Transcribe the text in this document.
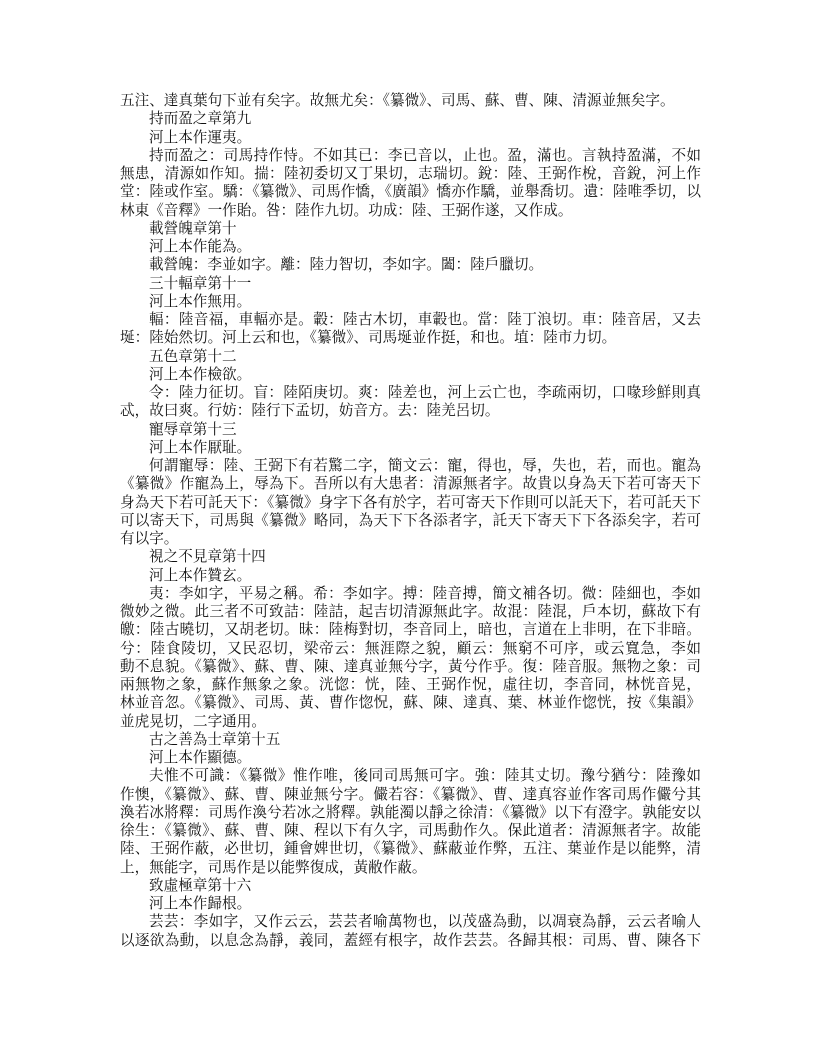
五注、達真葉句下並有矣字。故無尤矣：《纂微》、司馬、蘇、曹、陳、清源並無矣字。
持而盈之章第九
河上本作運夷。
持而盈之：司馬持作恃。不如其已：李已音以，止也。盈，滿也。言執持盈滿，不如
無患，清源如作知。揣：陸初委切又丁果切，志瑞切。銳：陸、王弼作梲，音銳，河上作
堂：陸或作室。驕：《纂微》、司馬作憍，《廣韻》憍亦作驕，並舉喬切。遺：陸唯季切，以
林東《音釋》一作貽。咎：陸作九切。功成：陸、王弼作遂，又作成。
載營魄章第十
河上本作能為。
載營魄：李並如字。離：陸力智切，李如字。闔：陸戶臘切。
三十輻章第十一
河上本作無用。
輻：陸音福，車輻亦是。轂：陸古木切，車轂也。當：陸丁浪切。車：陸音居，又去
埏：陸始然切。河上云和也，《纂微》、司馬埏並作挺，和也。埴：陸市力切。
五色章第十二
河上本作檢欲。
令：陸力征切。盲：陸陌庚切。爽：陸差也，河上云亡也，李疏兩切，口喙珍鮮則真
忒，故曰爽。行妨：陸行下孟切，妨音方。去：陸羌呂切。
寵辱章第十三
河上本作厭耻。
何謂寵辱：陸、王弼下有若驚二字，簡文云：寵，得也，辱，失也，若，而也。寵為
《纂微》作寵為上，辱為下。吾所以有大患者：清源無者字。故貴以身為天下若可寄天下
身為天下若可託天下：《纂微》身字下各有於字，若可寄天下作則可以託天下，若可託天下
可以寄天下，司馬與《纂微》略同，為天下下各添者字，託天下寄天下下各添矣字，若可
有以字。
視之不見章第十四
河上本作贊玄。
夷：李如字，平易之稱。希：李如字。搏：陸音搏，簡文補各切。微：陸細也，李如
微妙之微。此三者不可致詰：陸詰，起吉切清源無此字。故混：陸混，戶本切，蘇故下有
皦：陸古曉切，又胡老切。昧：陸梅對切，李音同上，暗也，言道在上非明，在下非暗。
兮：陸食陵切，又民忍切，梁帝云：無涯際之貌，顧云：無窮不可序，或云寬急，李如
動不息貌。《纂微》、蘇、曹、陳、達真並無兮字，黃兮作乎。復：陸音服。無物之象：司
兩無物之象，蘇作無象之象。洸惚：恍，陸、王弼作怳，虛往切，李音同，林恍音晃，
林並音忽。《纂微》、司馬、黃、曹作惚怳，蘇、陳、達真、葉、林並作惚恍，按《集韻》
並虎晃切，二字通用。
古之善為士章第十五
河上本作顯德。
夫惟不可識：《纂微》惟作唯，後同司馬無可字。強：陸其丈切。豫兮猶兮：陸豫如
作懊，《纂微》、蘇、曹、陳並無兮字。儼若容：《纂微》、曹、達真容並作客司馬作儼兮其
渙若冰將釋：司馬作渙兮若冰之將釋。孰能濁以靜之徐清：《纂微》以下有澄字。孰能安以
徐生：《纂微》、蘇、曹、陳、程以下有久字，司馬動作久。保此道者：清源無者字。故能
陸、王弼作蔽，必世切，鍾會婢世切，《纂微》、蘇蔽並作弊，五注、葉並作是以能弊，清
上，無能字，司馬作是以能弊復成，黃敝作蔽。
致虛極章第十六
河上本作歸根。
芸芸：李如字，又作云云，芸芸者喻萬物也，以茂盛為動，以凋衰為靜，云云者喻人
以逐欲為動，以息念為靜，義同，蓋經有根字，故作芸芸。各歸其根：司馬、曹、陳各下
